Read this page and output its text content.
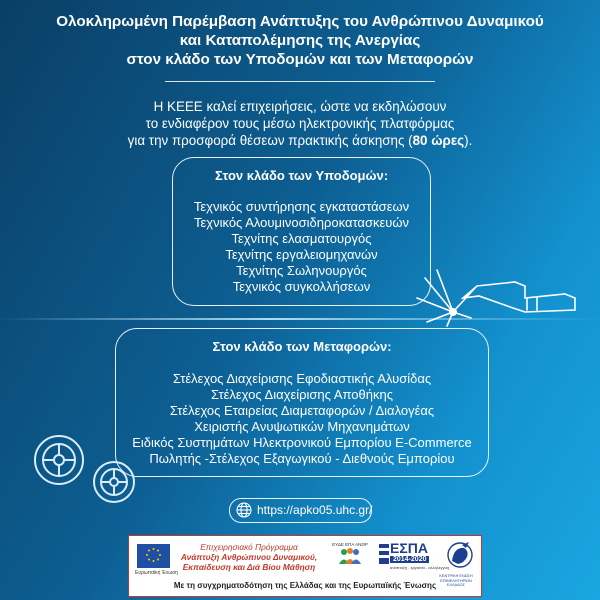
Ολοκληρωμένη Παρέμβαση Ανάπτυξης του Ανθρώπινου Δυναμικού
και Καταπολέμησης της Ανεργίας
στον κλάδο των Υποδομών και των Μεταφορών
Η ΚΕΕΕ καλεί επιχειρήσεις, ώστε να εκδηλώσουν
το ενδιαφέρον τους μέσω ηλεκτρονικής πλατφόρμας
για την προσφορά θέσεων πρακτικής άσκησης (80 ώρες).
Στον κλάδο των Υποδομών:
Τεχνικός συντήρησης εγκαταστάσεων
Τεχνικός Αλουμινοσιδηροκατασκευών
Τεχνίτης ελασματουργός
Τεχνίτης εργαλειομηχανών
Τεχνίτης Σωληνουργός
Τεχνικός συγκολλήσεων
Στον κλάδο των Μεταφορών:
Στέλεχος Διαχείρισης Εφοδιαστικής Αλυσίδας
Στέλεχος Διαχείρισης Αποθήκης
Στέλεχος Εταιρείας Διαμεταφορών / Διαλογέας
Χειριστής Ανυψωτικών Μηχανημάτων
Ειδικός Συστημάτων Ηλεκτρονικού Εμπορίου E-Commerce
Πωλητής -Στέλεχος Εξαγωγικού - Διεθνούς Εμπορίου
https://apko05.uhc.gr/
Ευρωπαϊκή Ένωση
Επιχειρησιακό Πρόγραμμα
Ανάπτυξη Ανθρώπινου Δυναμικού,
Εκπαίδευση και Διά Βίου Μάθηση
ΕΥΔΕ ΕΠΑ ΑΝΘΡ	ΕΣΠΑ
2014-2020
ανάπτυξη - εργασία - αλληλεγγύη
ΚΕΝΤΡΙΚΗ ΕΝΩΣΗ ΕΠΙΜΕΛΗΤΗΡΙΩΝ ΕΛΛΑΔΟΣ
Με τη συγχρηματοδότηση της Ελλάδας και της Ευρωπαϊκής Ένωσης
